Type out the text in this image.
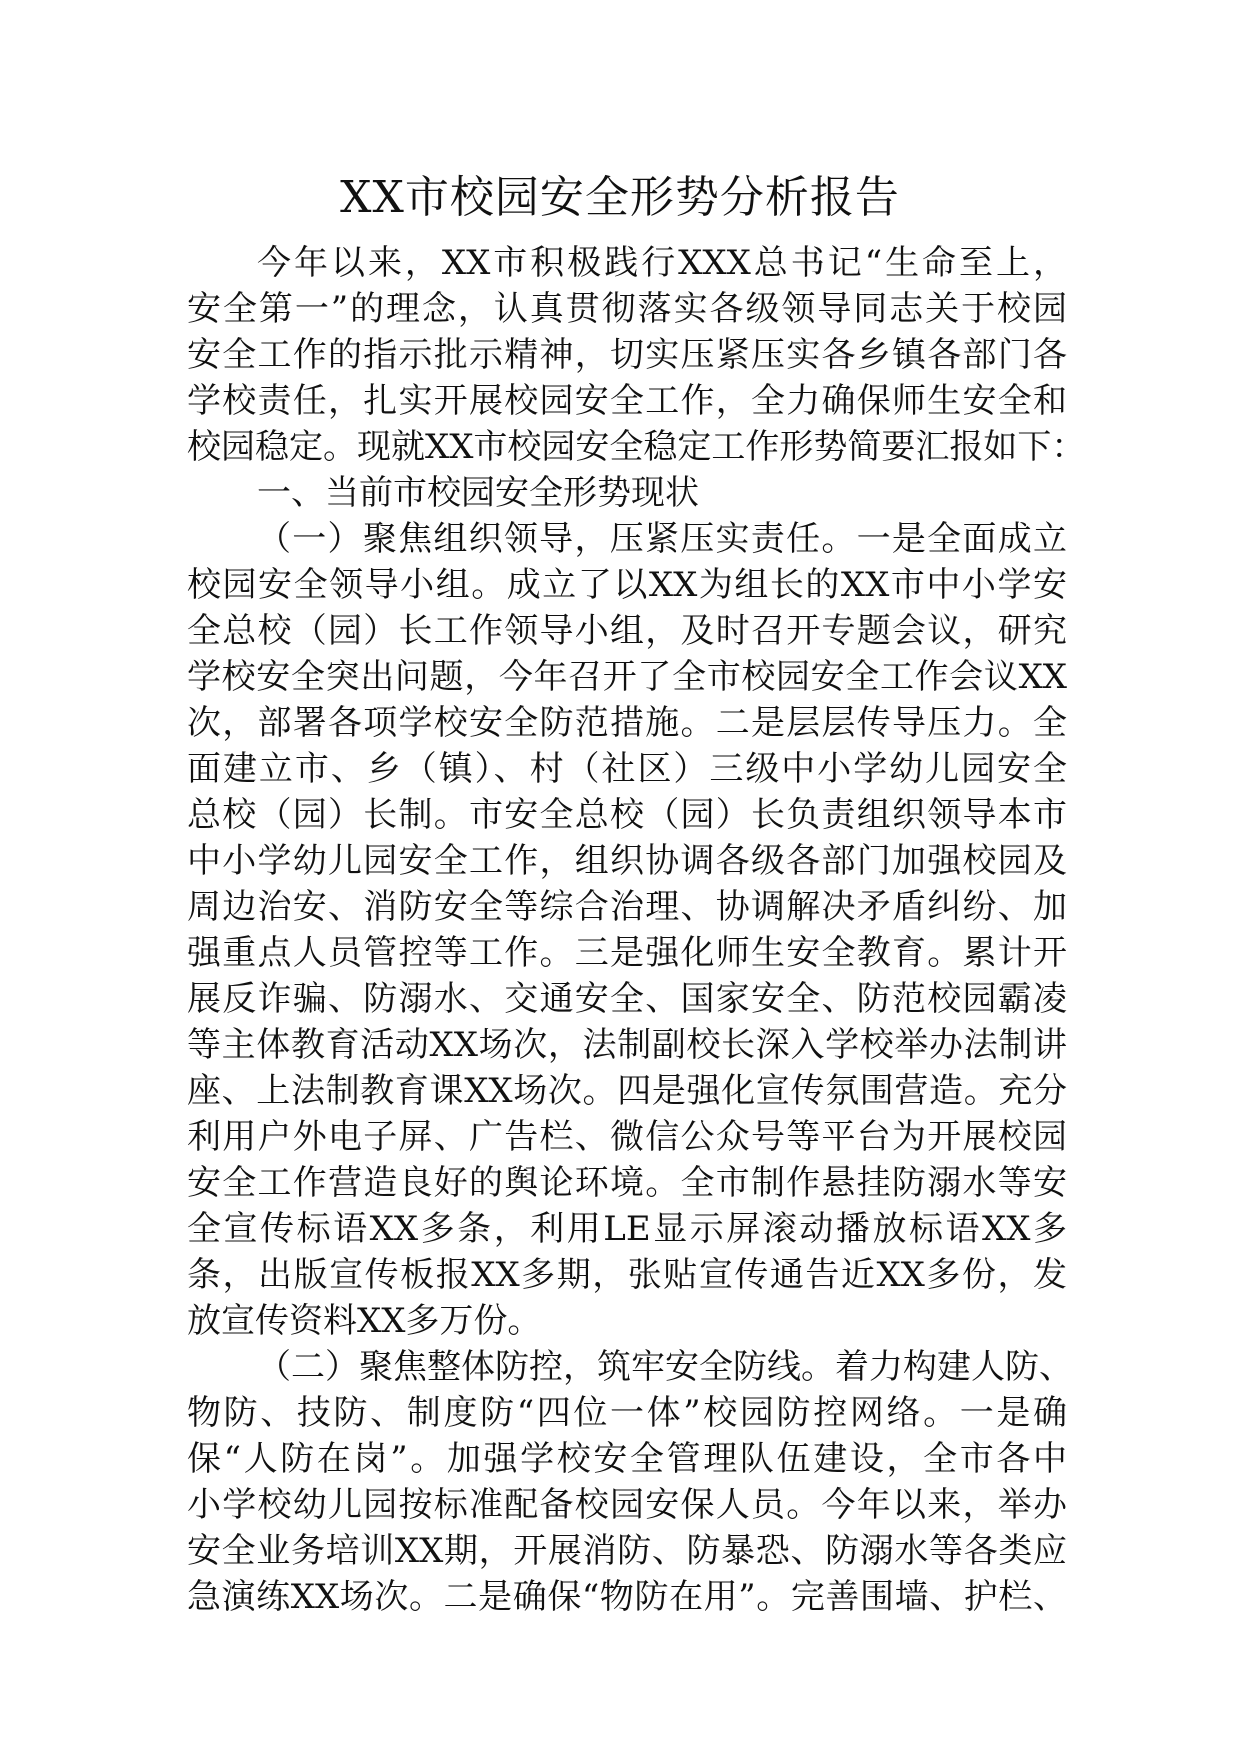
XX市校园安全形势分析报告
今年以来，XX市积极践行XXX总书记“生命至上，
安全第一”的理念，认真贯彻落实各级领导同志关于校园
安全工作的指示批示精神，切实压紧压实各乡镇各部门各
学校责任，扎实开展校园安全工作，全力确保师生安全和
校园稳定。现就XX市校园安全稳定工作形势简要汇报如下：
一、当前市校园安全形势现状
（一）聚焦组织领导，压紧压实责任。一是全面成立
校园安全领导小组。成立了以XX为组长的XX市中小学安
全总校（园）长工作领导小组，及时召开专题会议，研究
学校安全突出问题，今年召开了全市校园安全工作会议XX
次，部署各项学校安全防范措施。二是层层传导压力。全
面建立市、乡（镇）、村（社区）三级中小学幼儿园安全
总校（园）长制。市安全总校（园）长负责组织领导本市
中小学幼儿园安全工作，组织协调各级各部门加强校园及
周边治安、消防安全等综合治理、协调解决矛盾纠纷、加
强重点人员管控等工作。三是强化师生安全教育。累计开
展反诈骗、防溺水、交通安全、国家安全、防范校园霸凌
等主体教育活动XX场次，法制副校长深入学校举办法制讲
座、上法制教育课XX场次。四是强化宣传氛围营造。充分
利用户外电子屏、广告栏、微信公众号等平台为开展校园
安全工作营造良好的舆论环境。全市制作悬挂防溺水等安
全宣传标语XX多条，利用LE显示屏滚动播放标语XX多
条，出版宣传板报XX多期，张贴宣传通告近XX多份，发
放宣传资料XX多万份。
（二）聚焦整体防控，筑牢安全防线。着力构建人防、
物防、技防、制度防“四位一体”校园防控网络。一是确
保“人防在岗”。加强学校安全管理队伍建设，全市各中
小学校幼儿园按标准配备校园安保人员。今年以来，举办
安全业务培训XX期，开展消防、防暴恐、防溺水等各类应
急演练XX场次。二是确保“物防在用”。完善围墙、护栏、
